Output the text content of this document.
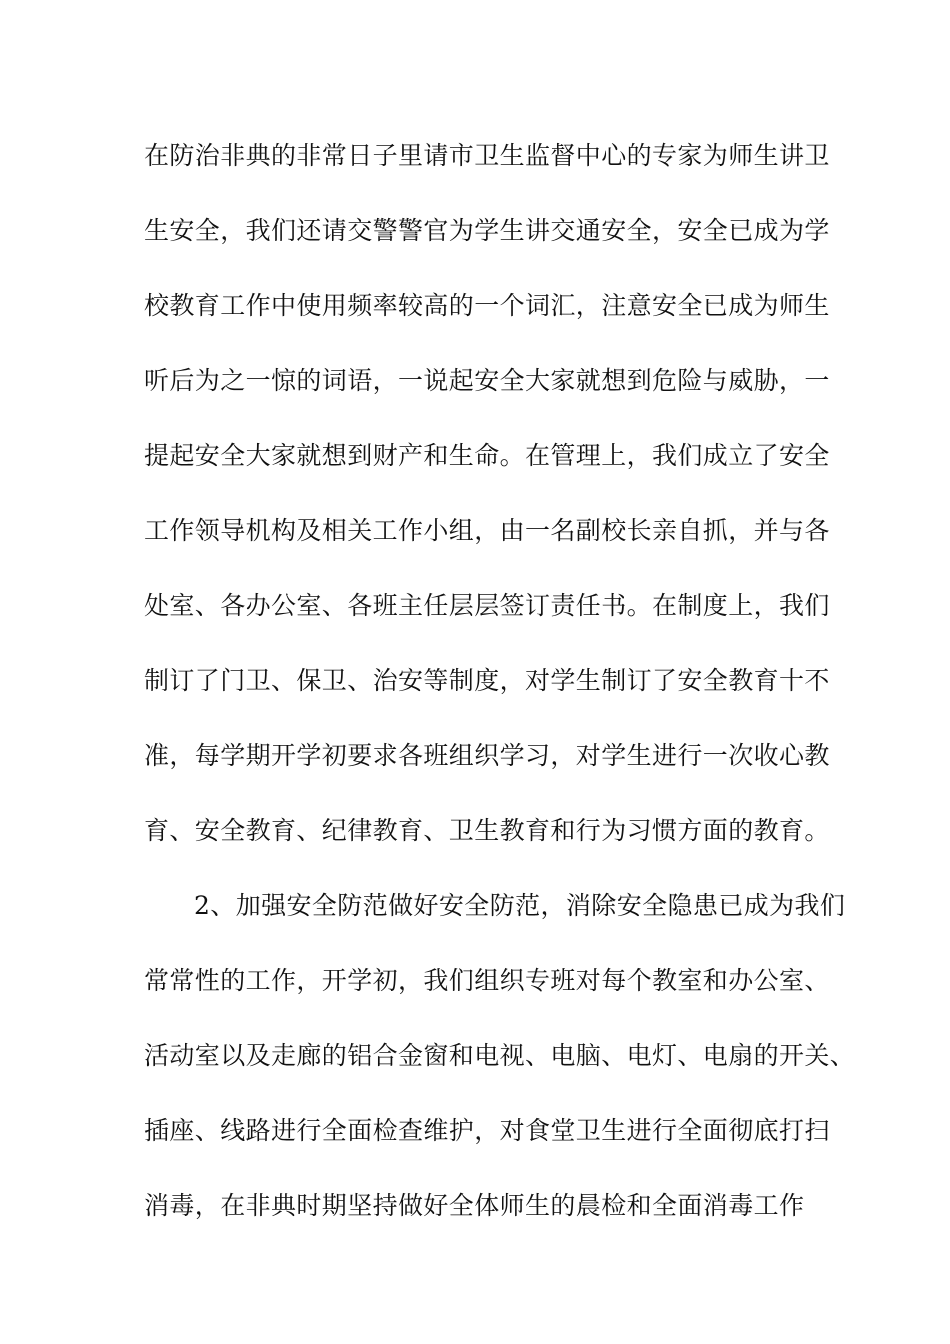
在防治非典的非常日子里请市卫生监督中心的专家为师生讲卫
生安全，我们还请交警警官为学生讲交通安全，安全已成为学
校教育工作中使用频率较高的一个词汇，注意安全已成为师生
听后为之一惊的词语，一说起安全大家就想到危险与威胁，一
提起安全大家就想到财产和生命。在管理上，我们成立了安全
工作领导机构及相关工作小组，由一名副校长亲自抓，并与各
处室、各办公室、各班主任层层签订责任书。在制度上，我们
制订了门卫、保卫、治安等制度，对学生制订了安全教育十不
准，每学期开学初要求各班组织学习，对学生进行一次收心教
育、安全教育、纪律教育、卫生教育和行为习惯方面的教育。
2、加强安全防范做好安全防范，消除安全隐患已成为我们
常常性的工作，开学初，我们组织专班对每个教室和办公室、
活动室以及走廊的铝合金窗和电视、电脑、电灯、电扇的开关、
插座、线路进行全面检查维护，对食堂卫生进行全面彻底打扫
消毒，在非典时期坚持做好全体师生的晨检和全面消毒工作
